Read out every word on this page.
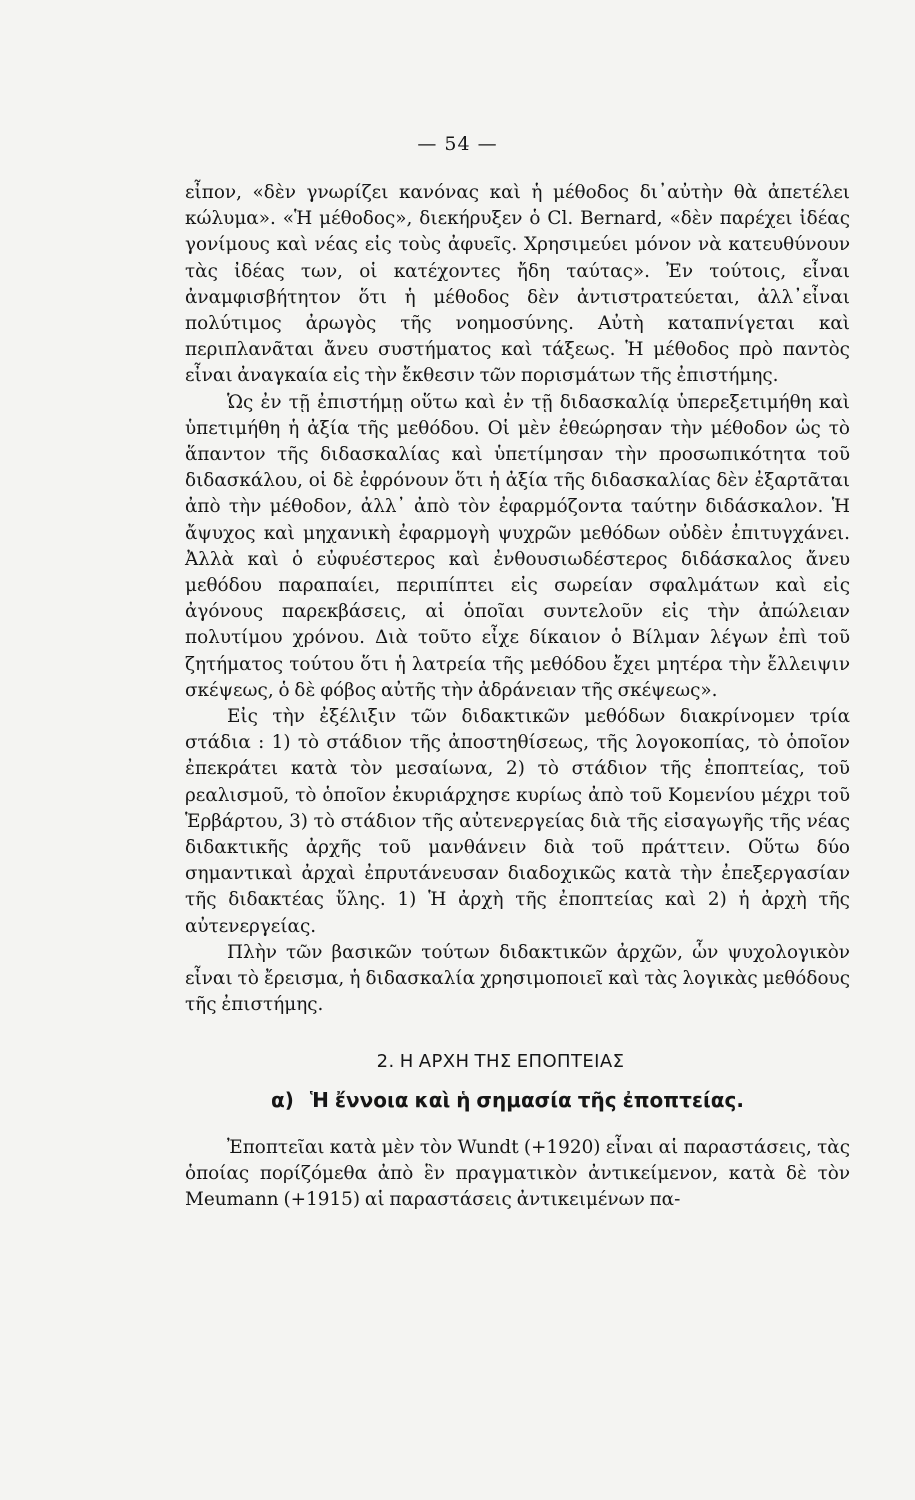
— 54 —

εἶπον, «δὲν γνωρίζει κανόνας καὶ ἡ μέθοδος δι᾽αὐτὴν θὰ ἀπετέλει κώλυμα». «Ἡ μέθοδος», διεκήρυξεν ὁ Cl. Bernard, «δὲν παρέχει ἰδέας γονίμους καὶ νέας εἰς τοὺς ἀφυεῖς. Χρησιμεύει μόνον νὰ κατευθύνουν τὰς ἰδέας των, οἱ κατέχοντες ἤδη ταύτας». Ἐν τούτοις, εἶναι ἀναμφισβήτητον ὅτι ἡ μέθοδος δὲν ἀντιστρατεύεται, ἀλλ᾽εἶναι πολύτιμος ἀρωγὸς τῆς νοημοσύνης. Αὐτὴ καταπνίγεται καὶ περιπλανᾶται ἄνευ συστήματος καὶ τάξεως. Ἡ μέθοδος πρὸ παντὸς εἶναι ἀναγκαία εἰς τὴν ἔκθεσιν τῶν πορισμάτων τῆς ἐπιστήμης.

Ὡς ἐν τῇ ἐπιστήμῃ οὕτω καὶ ἐν τῇ διδασκαλίᾳ ὑπερεξετιμήθη καὶ ὑπετιμήθη ἡ ἀξία τῆς μεθόδου. Οἱ μὲν ἐθεώρησαν τὴν μέθοδον ὡς τὸ ἅπαντον τῆς διδασκαλίας καὶ ὑπετίμησαν τὴν προσωπικότητα τοῦ διδασκάλου, οἱ δὲ ἐφρόνουν ὅτι ἡ ἀξία τῆς διδασκαλίας δὲν ἐξαρτᾶται ἀπὸ τὴν μέθοδον, ἀλλ᾽ ἀπὸ τὸν ἐφαρμόζοντα ταύτην διδάσκαλον. Ἡ ἄψυχος καὶ μηχανικὴ ἐφαρμογὴ ψυχρῶν μεθόδων οὐδὲν ἐπιτυγχάνει. Ἀλλὰ καὶ ὁ εὐφυέστερος καὶ ἐνθουσιωδέστερος διδάσκαλος ἄνευ μεθόδου παραπαίει, περιπίπτει εἰς σωρείαν σφαλμάτων καὶ εἰς ἀγόνους παρεκβάσεις, αἱ ὁποῖαι συντελοῦν εἰς τὴν ἀπώλειαν πολυτίμου χρόνου. Διὰ τοῦτο εἶχε δίκαιον ὁ Βίλμαν λέγων ἐπὶ τοῦ ζητήματος τούτου ὅτι ἡ λατρεία τῆς μεθόδου ἔχει μητέρα τὴν ἔλλειψιν σκέψεως, ὁ δὲ φόβος αὐτῆς τὴν ἀδράνειαν τῆς σκέψεως».

Εἰς τὴν ἐξέλιξιν τῶν διδακτικῶν μεθόδων διακρίνομεν τρία στάδια : 1) τὸ στάδιον τῆς ἀποστηθίσεως, τῆς λογοκοπίας, τὸ ὁποῖον ἐπεκράτει κατὰ τὸν μεσαίωνα, 2) τὸ στάδιον τῆς ἐποπτείας, τοῦ ρεαλισμοῦ, τὸ ὁποῖον ἐκυριάρχησε κυρίως ἀπὸ τοῦ Κομενίου μέχρι τοῦ Ἑρβάρτου, 3) τὸ στάδιον τῆς αὐτενεργείας διὰ τῆς εἰσαγωγῆς τῆς νέας διδακτικῆς ἀρχῆς τοῦ μανθάνειν διὰ τοῦ πράττειν. Οὕτω δύο σημαντικαὶ ἀρχαὶ ἐπρυτάνευσαν διαδοχικῶς κατὰ τὴν ἐπεξεργασίαν τῆς διδακτέας ὕλης. 1) Ἡ ἀρχὴ τῆς ἐποπτείας καὶ 2) ἡ ἀρχὴ τῆς αὐτενεργείας.

Πλὴν τῶν βασικῶν τούτων διδακτικῶν ἀρχῶν, ὧν ψυχολογικὸν εἶναι τὸ ἔρεισμα, ἡ διδασκαλία χρησιμοποιεῖ καὶ τὰς λογικὰς μεθόδους τῆς ἐπιστήμης.

2. Η ΑΡΧΗ ΤΗΣ ΕΠΟΠΤΕΙΑΣ
α) Ἡ ἔννοια καὶ ἡ σημασία τῆς ἐποπτείας.

Ἐποπτεῖαι κατὰ μὲν τὸν Wundt (+1920) εἶναι αἱ παραστάσεις, τὰς ὁποίας πορίζόμεθα ἀπὸ ἓν πραγματικὸν ἀντικείμενον, κατὰ δὲ τὸν Meumann (+1915) αἱ παραστάσεις ἀντικειμένων πα-
